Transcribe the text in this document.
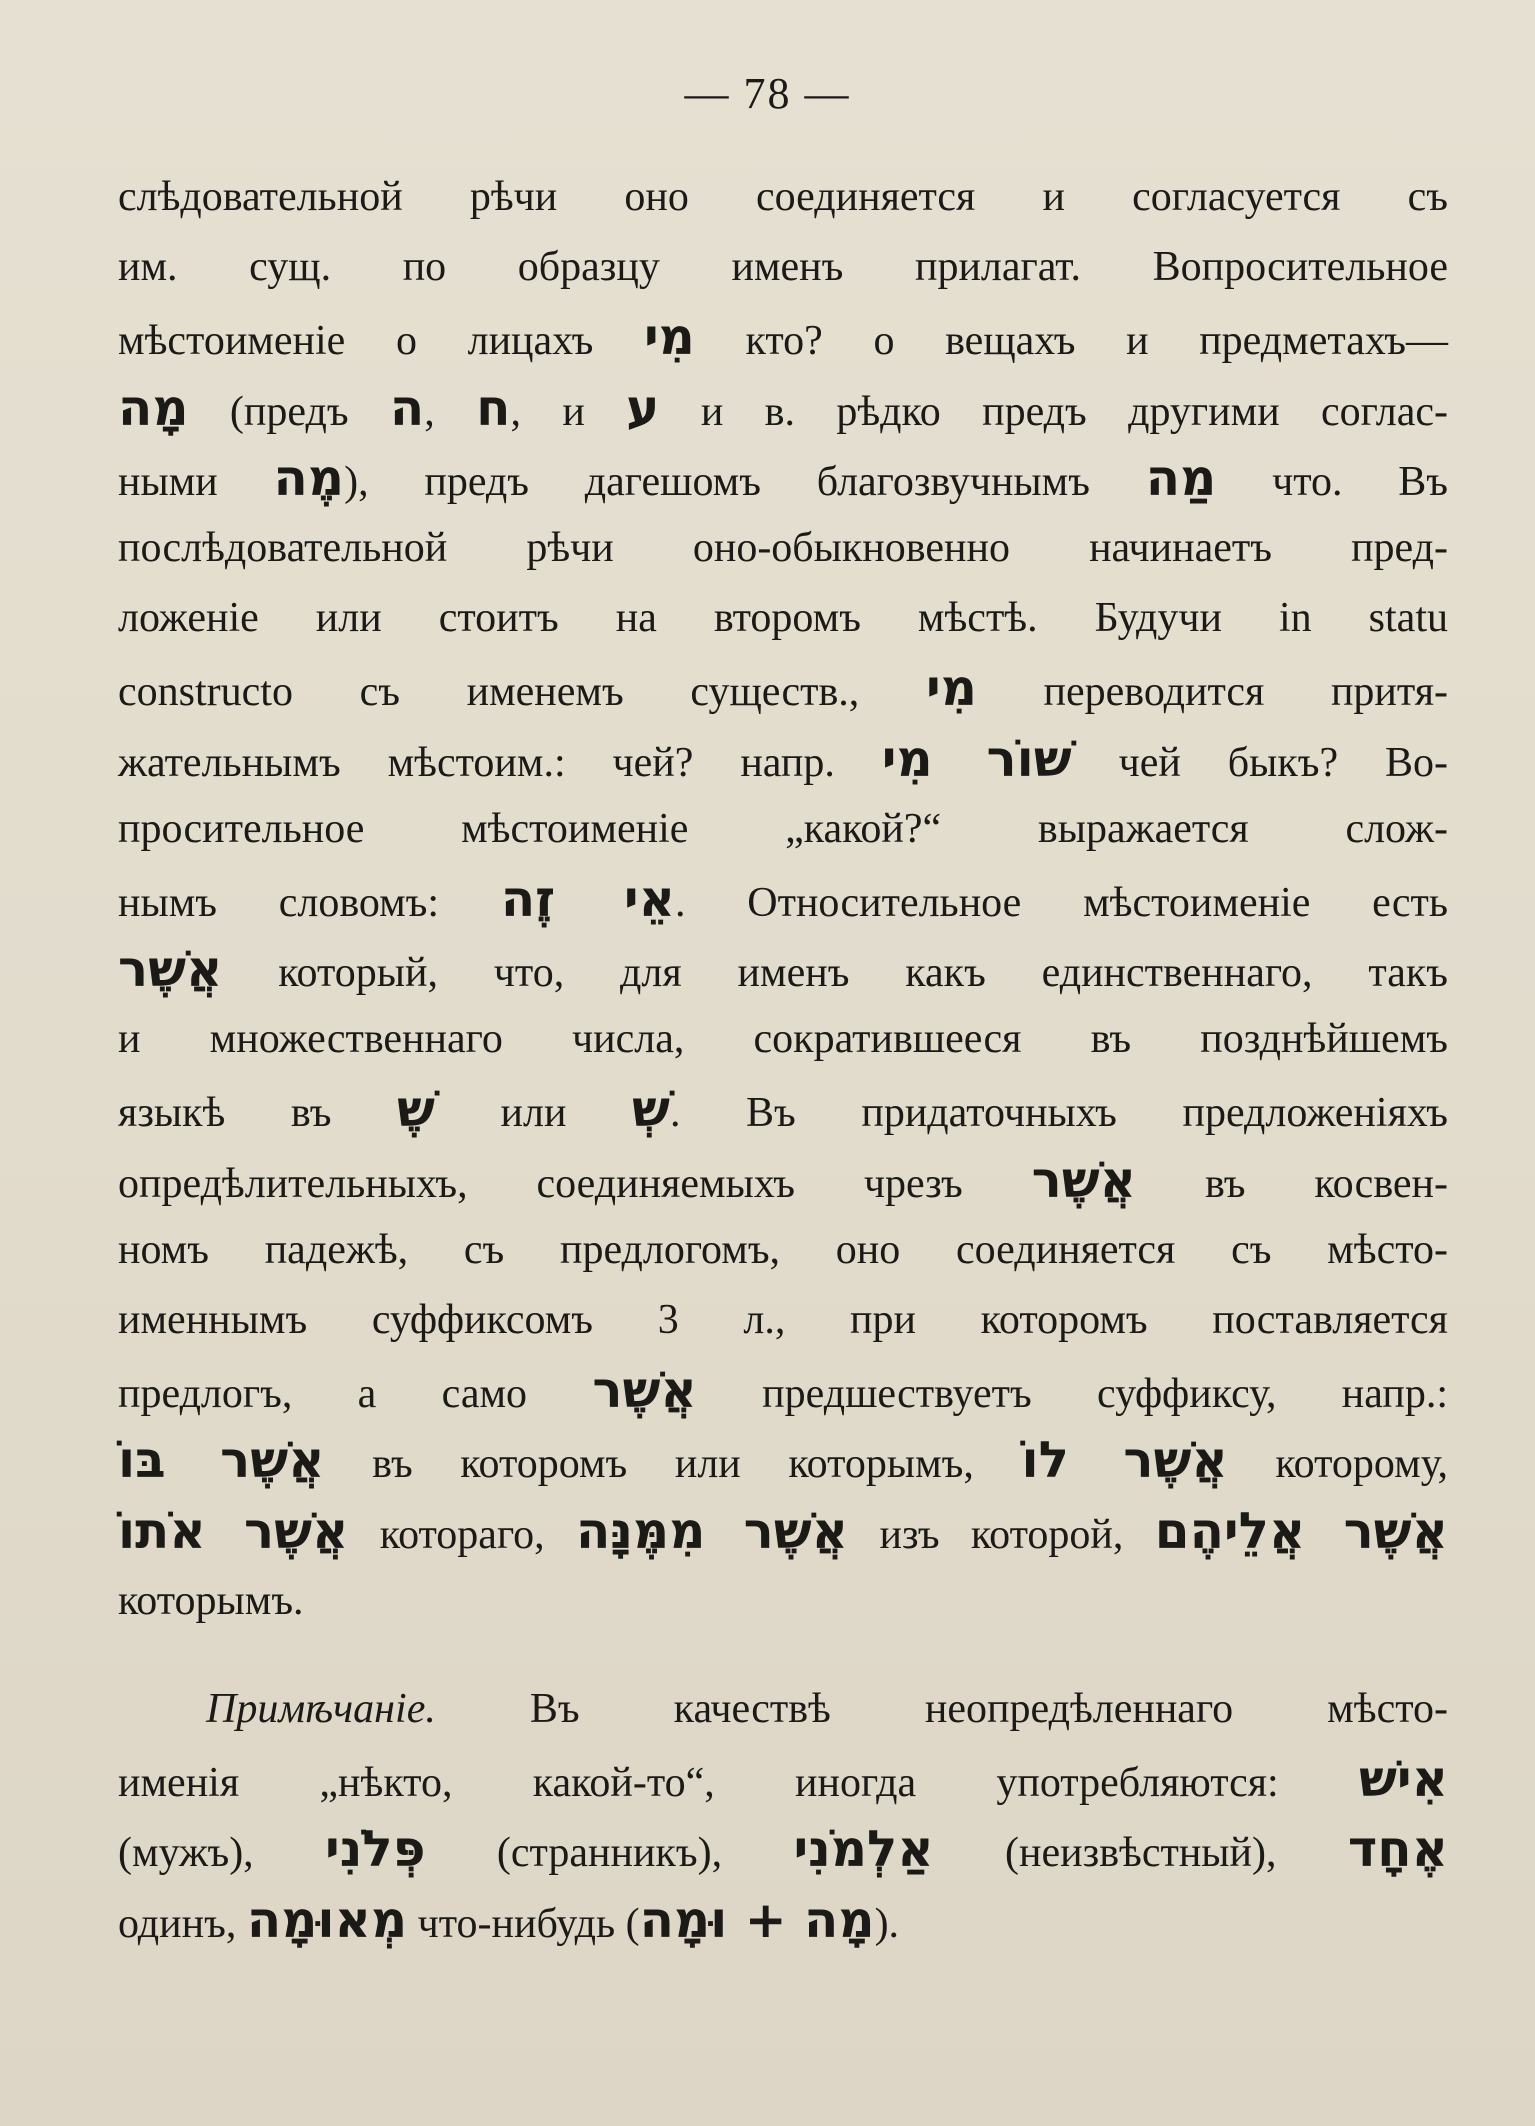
— 78 —
слѣдовательной рѣчи оно соединяется и согласуется съ
им. сущ. по образцу именъ прилагат. Вопросительное
мѣстоименіе о лицахъ מִי кто? о вещахъ и предметахъ—
מָה (предъ ה, ח, и ע и в. рѣдко предъ другими соглас-
ными מֶה), предъ дагешомъ благозвучнымъ מַה что. Въ
послѣдовательной рѣчи оно-обыкновенно начинаетъ пред-
ложеніе или стоитъ на второмъ мѣстѣ. Будучи in statu
constructo съ именемъ существ., מִי переводится притя-
жательнымъ мѣстоим.: чей? напр. שׁוֹר מִי чей быкъ? Во-
просительное мѣстоименіе „какой?“ выражается слож-
нымъ словомъ: אֵי זֶה. Относительное мѣстоименіе есть
אֲשֶׁר который, что, для именъ какъ единственнаго, такъ
и множественнаго числа, сократившееся въ позднѣйшемъ
языкѣ въ שֶׁ или שְׁ. Въ придаточныхъ предложеніяхъ
опредѣлительныхъ, соединяемыхъ чрезъ אֲשֶׁר въ косвен-
номъ падежѣ, съ предлогомъ, оно соединяется съ мѣсто-
именнымъ суффиксомъ 3 л., при которомъ поставляется
предлогъ, а само אֲשֶׁר предшествуетъ суффиксу, напр.:
אֲשֶׁר בּוֹ въ которомъ или которымъ, אֲשֶׁר לוֹ которому,
אֲשֶׁר אֹתוֹ котораго, אֲשֶׁר מִמֶּנָּה изъ которой, אֲשֶׁר אֲלֵיהֶם
которымъ.
Примѣчаніе. Въ качествѣ неопредѣленнаго мѣсто-
именія „нѣкто, какой-то“, иногда употребляются: אִישׁ
(мужъ), פְּלֹנִי (странникъ), אַלְמֹנִי (неизвѣстный), אֶחָד
одинъ, מְאוּמָה что-нибудь (מָה + וּמָה).
